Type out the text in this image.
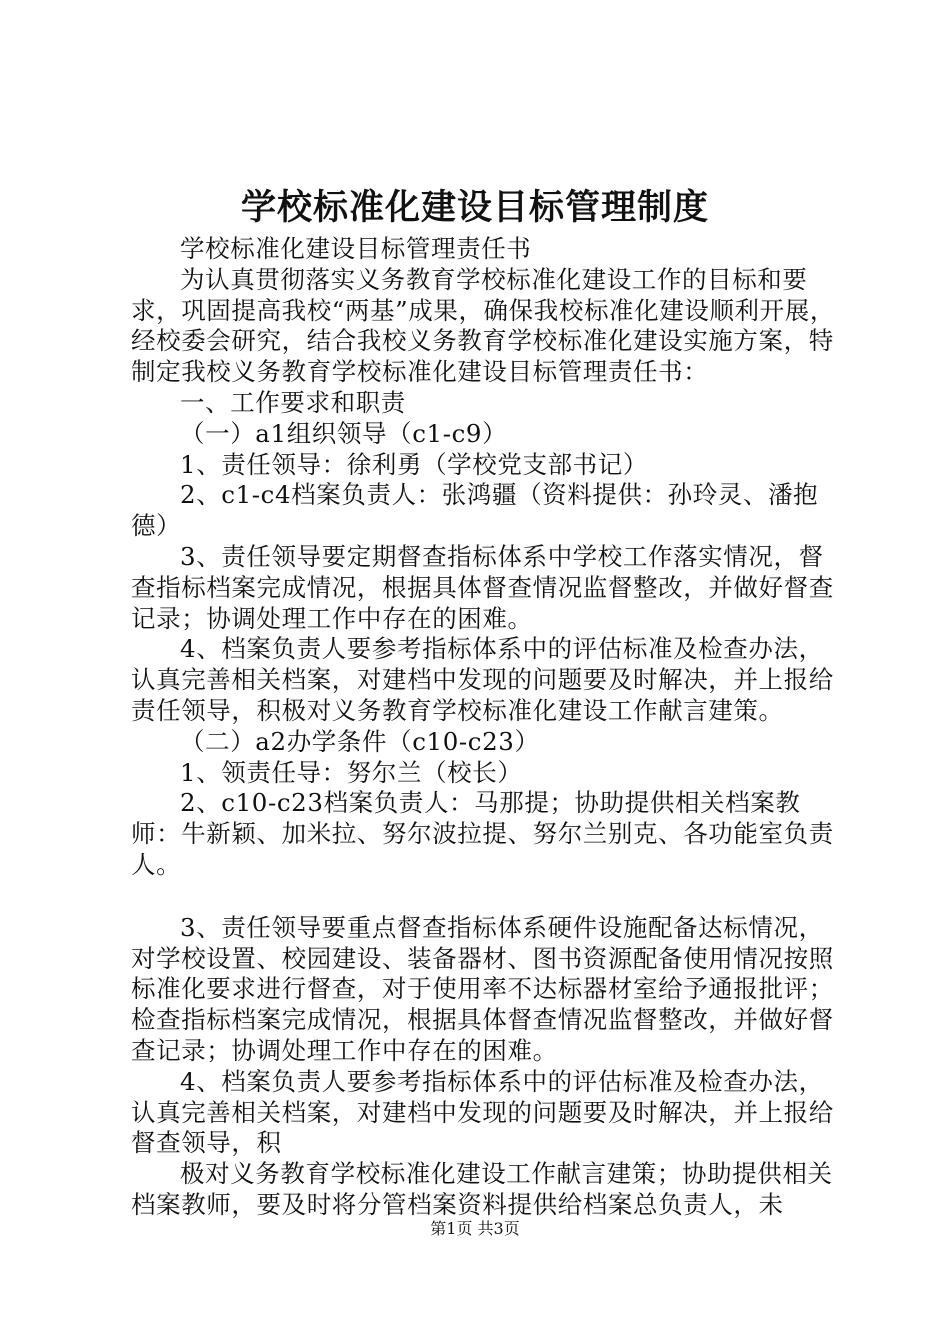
学校标准化建设目标管理制度

学校标准化建设目标管理责任书

为认真贯彻落实义务教育学校标准化建设工作的目标和要求，巩固提高我校“两基”成果，确保我校标准化建设顺利开展，经校委会研究，结合我校义务教育学校标准化建设实施方案，特制定我校义务教育学校标准化建设目标管理责任书：

一、工作要求和职责

（一）a1组织领导（c1-c9）

1、责任领导：徐利勇（学校党支部书记）

2、c1-c4档案负责人：张鸿疆（资料提供：孙玲灵、潘抱德）

3、责任领导要定期督查指标体系中学校工作落实情况，督查指标档案完成情况，根据具体督查情况监督整改，并做好督查记录；协调处理工作中存在的困难。

4、档案负责人要参考指标体系中的评估标准及检查办法，认真完善相关档案，对建档中发现的问题要及时解决，并上报给责任领导，积极对义务教育学校标准化建设工作献言建策。

（二）a2办学条件（c10-c23）

1、领责任导：努尔兰（校长）

2、c10-c23档案负责人：马那提；协助提供相关档案教师：牛新颖、加米拉、努尔波拉提、努尔兰别克、各功能室负责人。

3、责任领导要重点督查指标体系硬件设施配备达标情况，对学校设置、校园建设、装备器材、图书资源配备使用情况按照标准化要求进行督查，对于使用率不达标器材室给予通报批评；检查指标档案完成情况，根据具体督查情况监督整改，并做好督查记录；协调处理工作中存在的困难。

4、档案负责人要参考指标体系中的评估标准及检查办法，认真完善相关档案，对建档中发现的问题要及时解决，并上报给督查领导，积

极对义务教育学校标准化建设工作献言建策；协助提供相关档案教师，要及时将分管档案资料提供给档案总负责人，未

第1页 共3页
